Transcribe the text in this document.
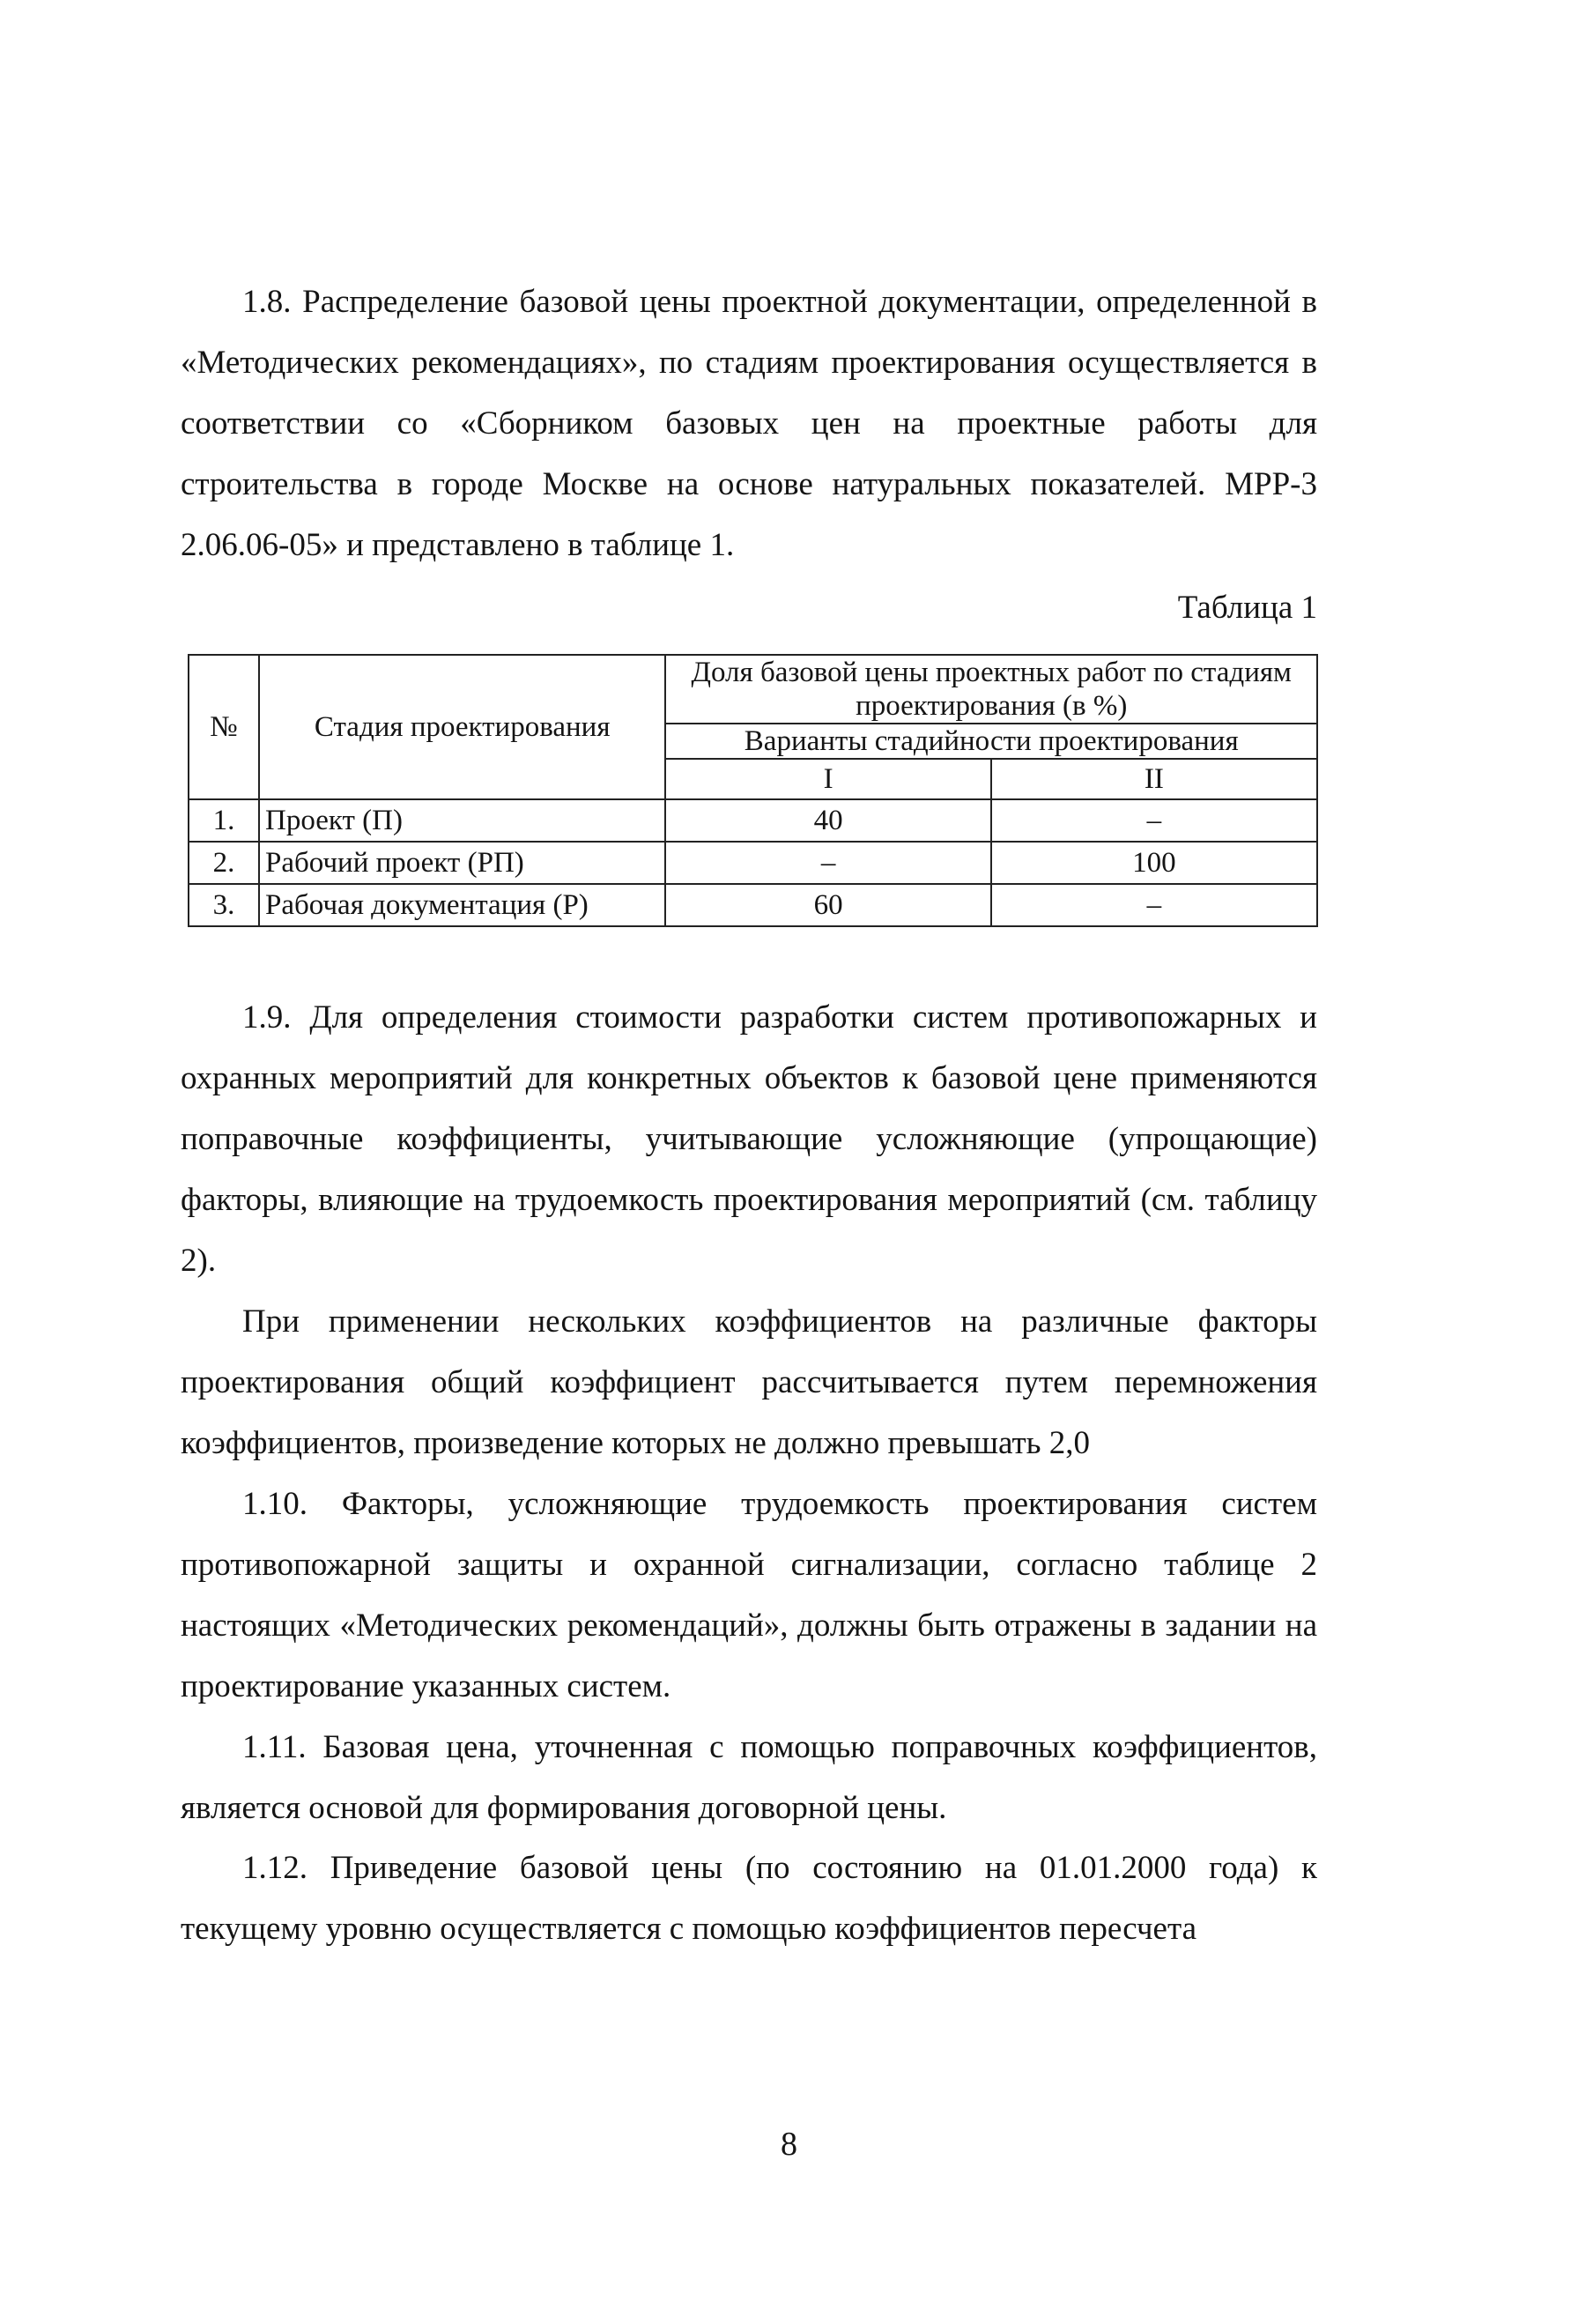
1.8. Распределение базовой цены проектной документации, определенной в «Методических рекомендациях», по стадиям проектирования осуществляется в соответствии со «Сборником базовых цен на проектные работы для строительства в городе Москве на основе натуральных показателей. МРР-3 2.06.06-05» и представлено в таблице 1.

Таблица 1
№	Стадия проектирования	Доля базовой цены проектных работ по стадиям проектирования (в %)	
		Варианты стадийности проектирования	
		I	II
1.	Проект (П)	40	–
2.	Рабочий проект (РП)	–	100
3.	Рабочая документация (Р)	60	–

1.9. Для определения стоимости разработки систем противопожарных и охранных мероприятий для конкретных объектов к базовой цене применяются поправочные коэффициенты, учитывающие усложняющие (упрощающие) факторы, влияющие на трудоемкость проектирования мероприятий (см. таблицу 2).

При применении нескольких коэффициентов на различные факторы проектирования общий коэффициент рассчитывается путем перемножения коэффициентов, произведение которых не должно превышать 2,0

1.10. Факторы, усложняющие трудоемкость проектирования систем противопожарной защиты и охранной сигнализации, согласно таблице 2 настоящих «Методических рекомендаций», должны быть отражены в задании на проектирование указанных систем.

1.11. Базовая цена, уточненная с помощью поправочных коэффициентов, является основой для формирования договорной цены.

1.12. Приведение базовой цены (по состоянию на 01.01.2000 года) к текущему уровню осуществляется с помощью коэффициентов пересчета

8
